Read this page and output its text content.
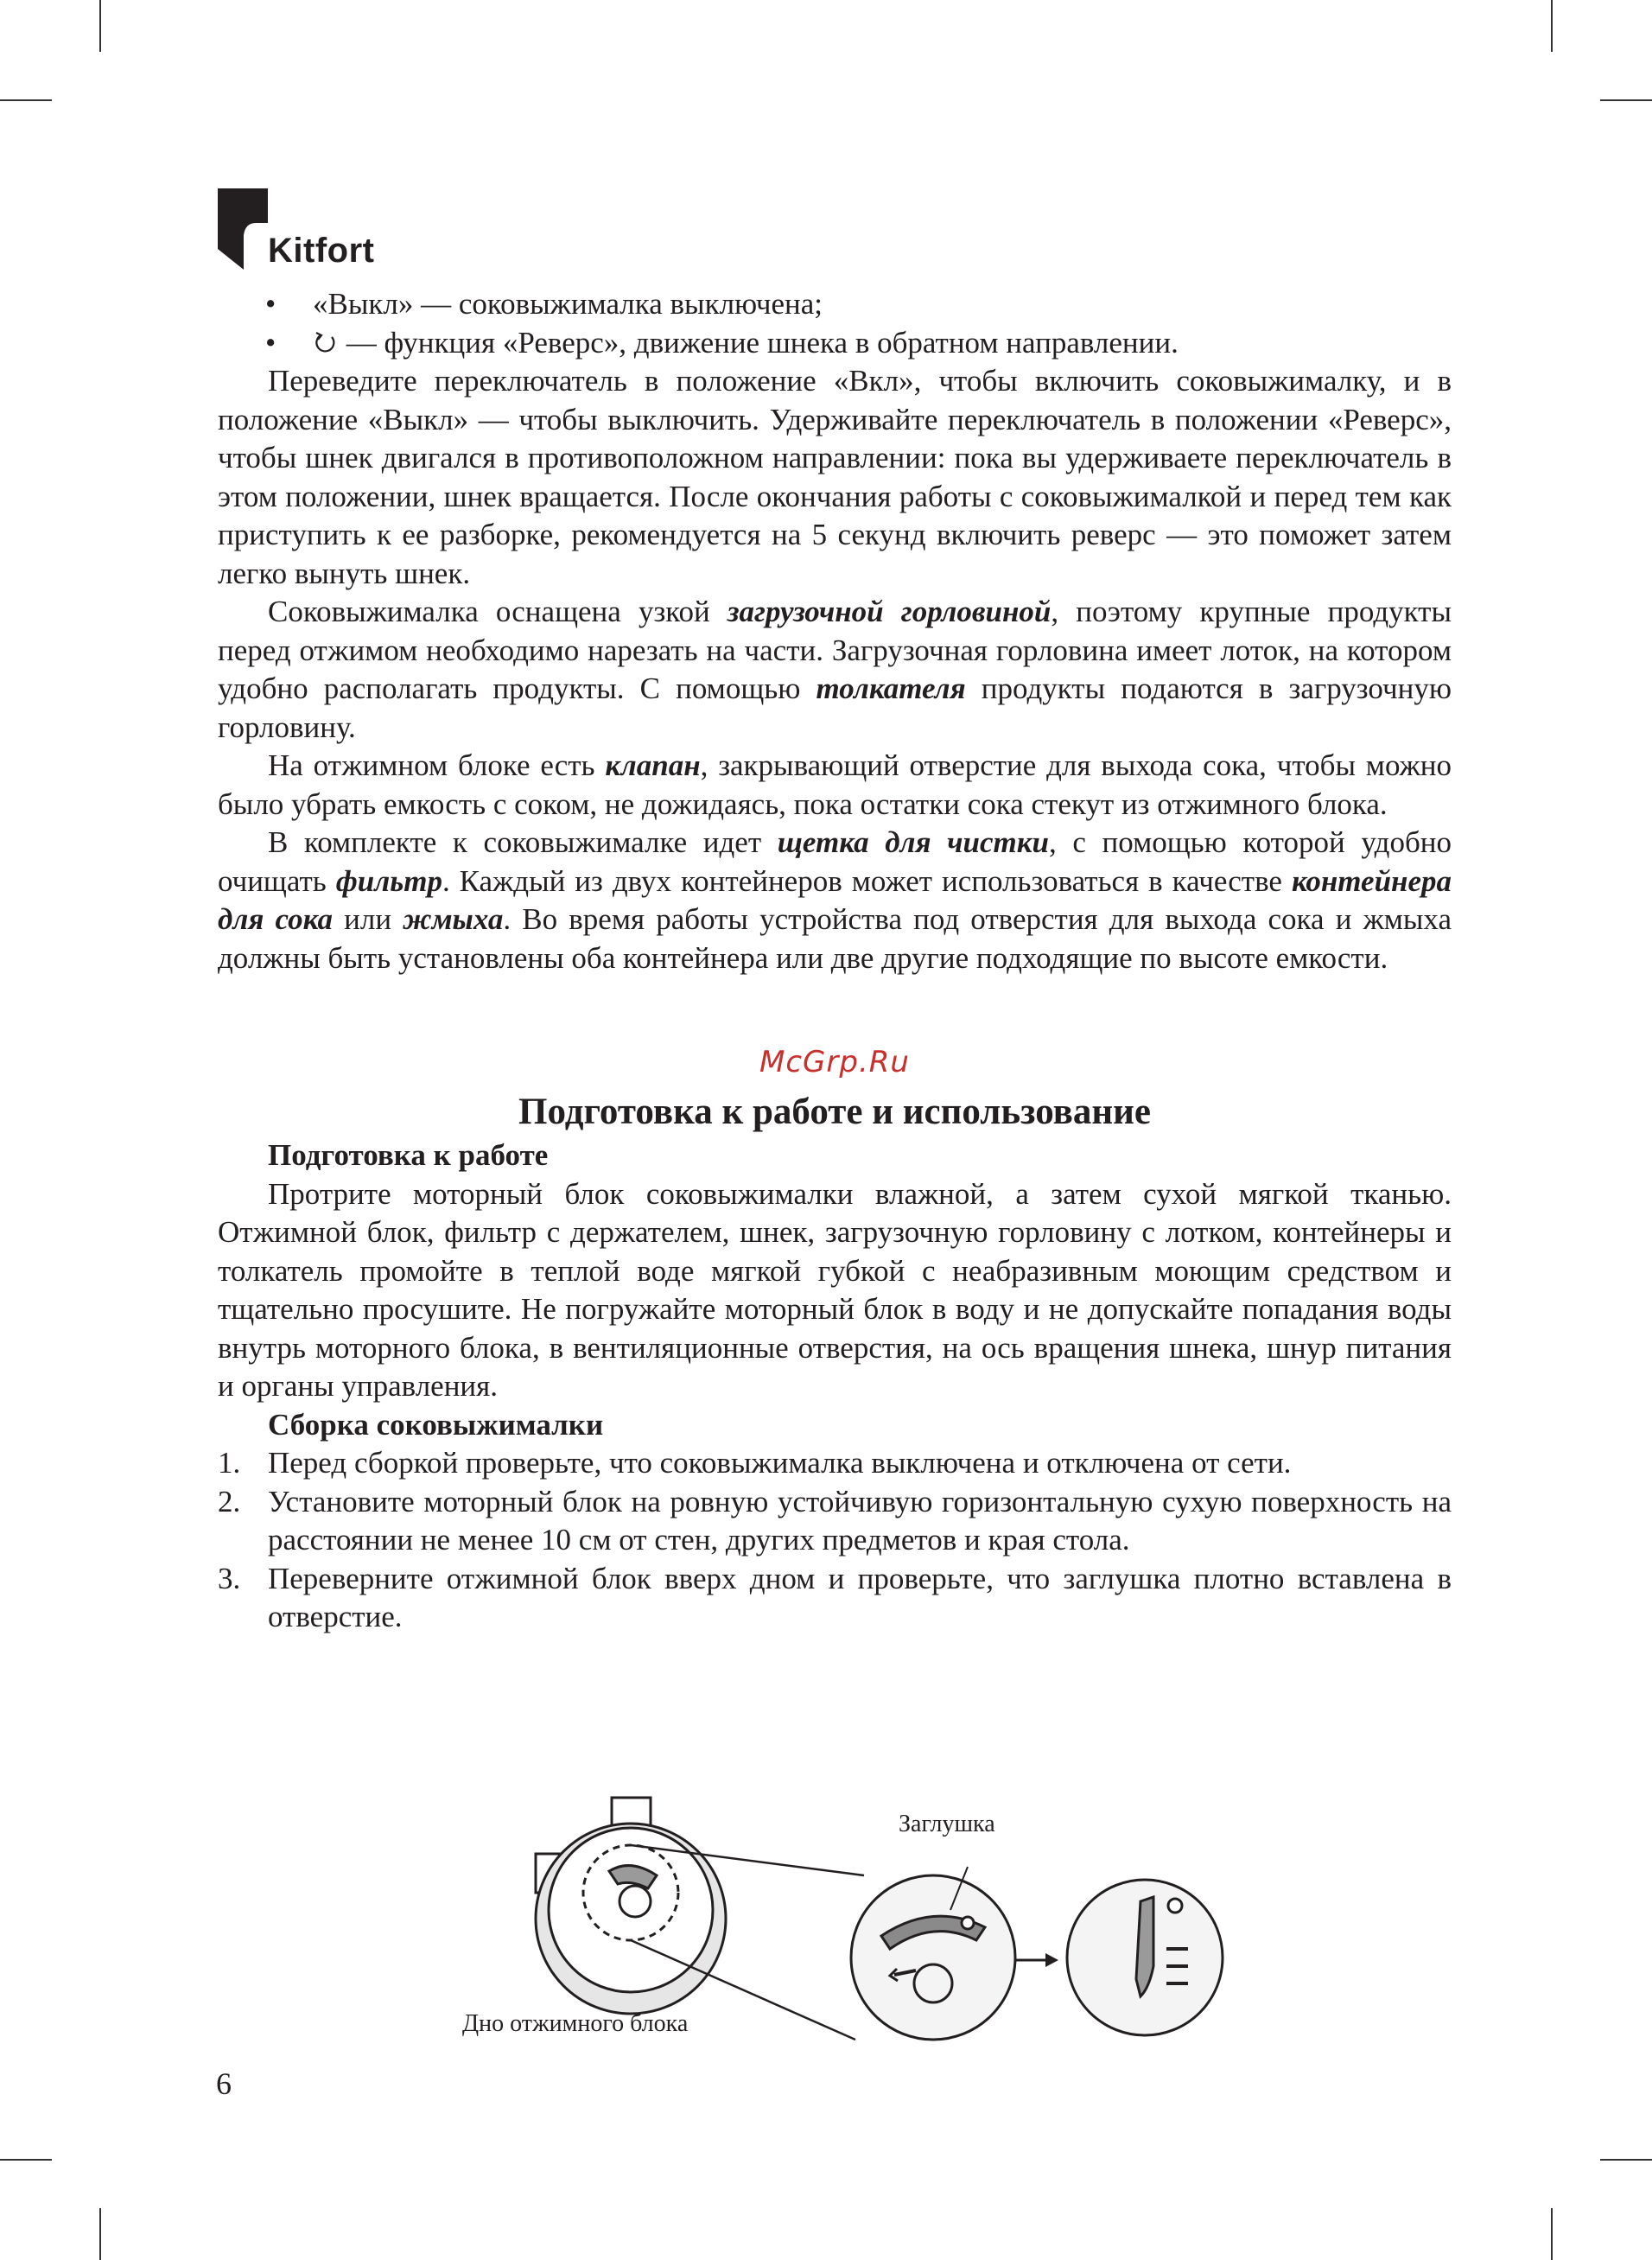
Kitfort

• «Выкл» — соковыжималка выключена;

• — функция «Реверс», движение шнека в обратном направлении.

Переведите переключатель в положение «Вкл», чтобы включить соковыжималку, и в положение «Выкл» — чтобы выключить. Удерживайте переключатель в положении «Реверс», чтобы шнек двигался в противоположном направлении: пока вы удерживаете переключатель в этом положении, шнек вращается. После окончания работы с соковыжималкой и перед тем как приступить к ее разборке, рекомендуется на 5 секунд включить реверс — это поможет затем легко вынуть шнек.

Соковыжималка оснащена узкой загрузочной горловиной, поэтому крупные продукты перед отжимом необходимо нарезать на части. Загрузочная горловина имеет лоток, на котором удобно располагать продукты. С помощью толкателя продукты подаются в загрузочную горловину.

На отжимном блоке есть клапан, закрывающий отверстие для выхода сока, чтобы можно было убрать емкость с соком, не дожидаясь, пока остатки сока стекут из отжимного блока.

В комплекте к соковыжималке идет щетка для чистки, с помощью которой удобно очищать фильтр. Каждый из двух контейнеров может использоваться в качестве контейнера для сока или жмыха. Во время работы устройства под отверстия для выхода сока и жмыха должны быть установлены оба контейнера или две другие подходящие по высоте емкости.

McGrp.Ru
Подготовка к работе и использование

Подготовка к работе

Протрите моторный блок соковыжималки влажной, а затем сухой мягкой тканью. Отжимной блок, фильтр с держателем, шнек, загрузочную горловину с лотком, контейнеры и толкатель промойте в теплой воде мягкой губкой с неабразивным моющим средством и тщательно просушите. Не погружайте моторный блок в воду и не допускайте попадания воды внутрь моторного блока, в вентиляционные отверстия, на ось вращения шнека, шнур питания и органы управления.

Сборка соковыжималки

1. Перед сборкой проверьте, что соковыжималка выключена и отключена от сети.

2. Установите моторный блок на ровную устойчивую горизонтальную сухую поверхность на расстоянии не менее 10 см от стен, других предметов и края стола.

3. Переверните отжимной блок вверх дном и проверьте, что заглушка плотно вставлена в отверстие.

Заглушка
Дно отжимного блока
6
